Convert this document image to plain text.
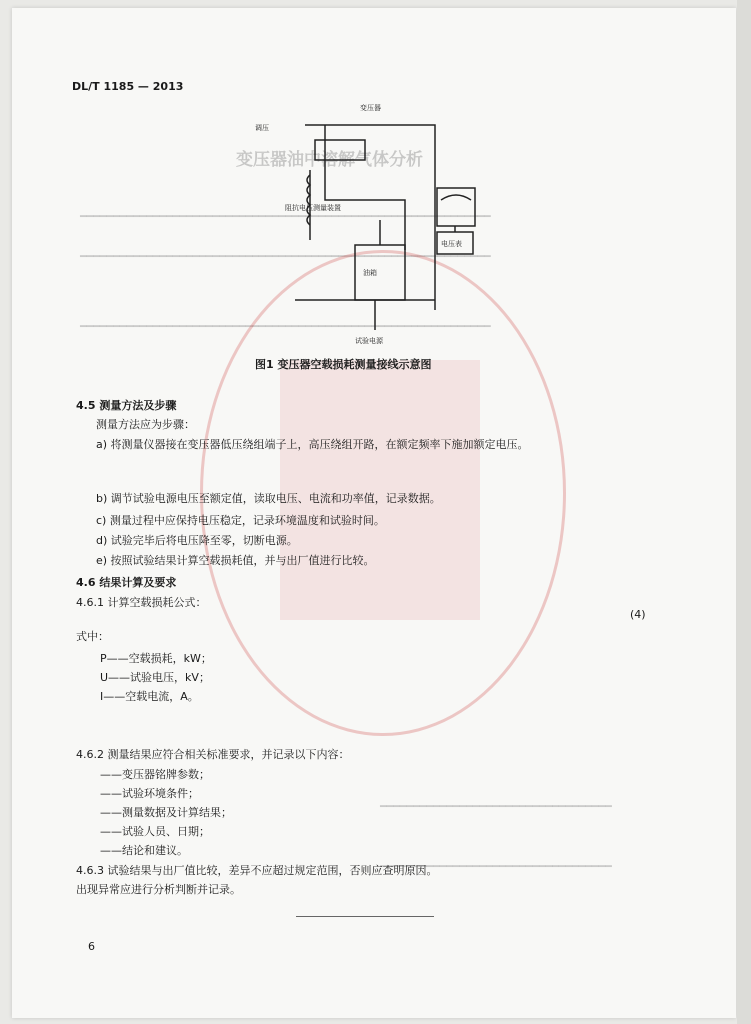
变压器油中溶解气体分析
━━━━━━━━━━━━━━━━━━━━━━━━━━━━━━━━━━━━━━━━━━━━━━━━━━━━━━━━━━━━━━
━━━━━━━━━━━━━━━━━━━━━━━━━━━━━━━━━━━━━━━━━━━━━━━━━━━━━━━━━━━━━━
━━━━━━━━━━━━━━━━━━━━━━━━━━━━━━━━━━━━━━━━━━━━━━━━━━━━━━━━━━━━━━
━━━━━━━━━━━━━━━━━━━━━━━━━━━━━━━━━━━
━━━━━━━━━━━━━━━━━━━━━━━━━━━━━━━━━━━
DL/T 1185 — 2013
变压器
调压
阻抗电压测量装置
油箱
电压表
试验电源
图1 变压器空载损耗测量接线示意图
4.5 测量方法及步骤
测量方法应为步骤：
a) 将测量仪器接在变压器低压绕组端子上，高压绕组开路，在额定频率下施加额定电压。
b) 调节试验电源电压至额定值，读取电压、电流和功率值，记录数据。
c) 测量过程中应保持电压稳定，记录环境温度和试验时间。
d) 试验完毕后将电压降至零，切断电源。
e) 按照试验结果计算空载损耗值，并与出厂值进行比较。
4.6 结果计算及要求
4.6.1 计算空载损耗公式：
(4)
式中：
P——空载损耗，kW；
U——试验电压，kV；
I——空载电流，A。
4.6.2 测量结果应符合相关标准要求，并记录以下内容：
——变压器铭牌参数；
——试验环境条件；
——测量数据及计算结果；
——试验人员、日期；
——结论和建议。
4.6.3 试验结果与出厂值比较，差异不应超过规定范围，否则应查明原因。
出现异常应进行分析判断并记录。
6
